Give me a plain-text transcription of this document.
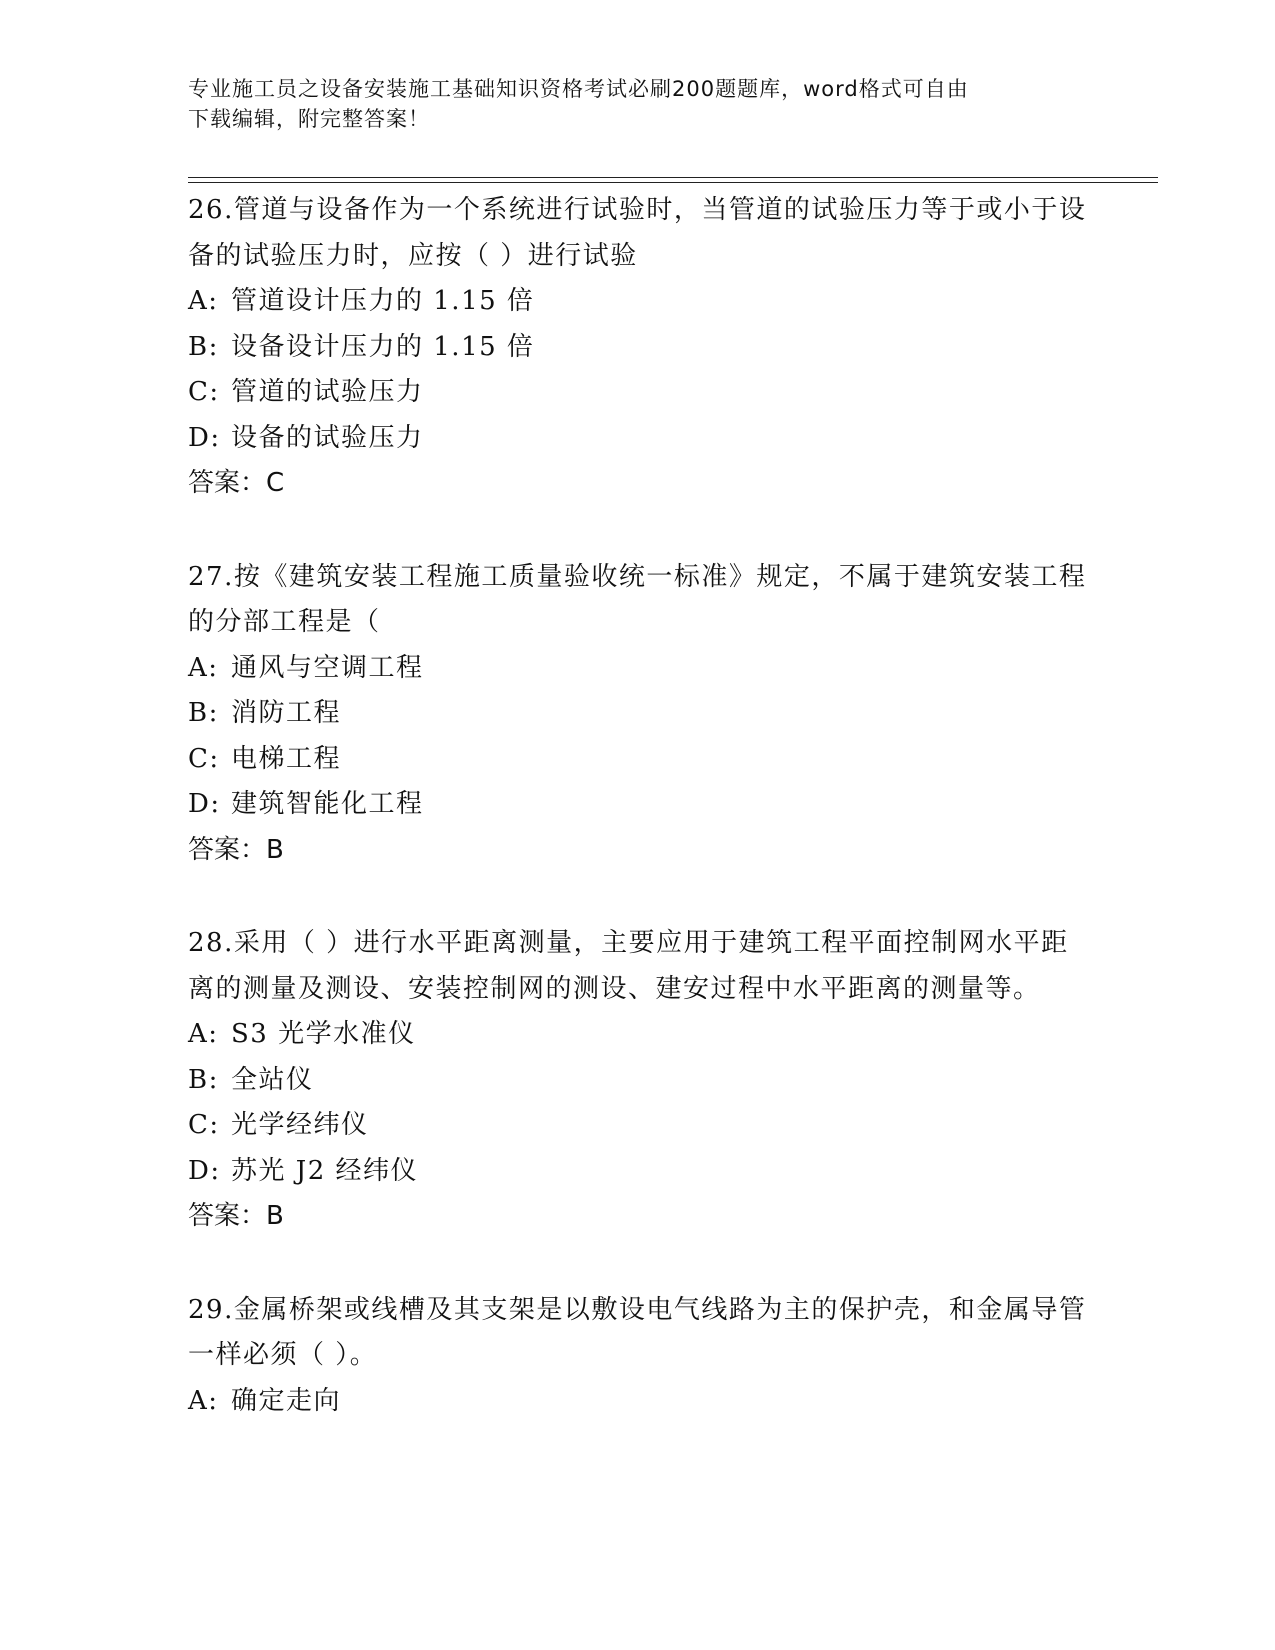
专业施工员之设备安装施工基础知识资格考试必刷200题题库，word格式可自由
下载编辑，附完整答案！

26.管道与设备作为一个系统进行试验时，当管道的试验压力等于或小于设备的试验压力时，应按（ ）进行试验

A: 管道设计压力的 1.15 倍

B: 设备设计压力的 1.15 倍

C: 管道的试验压力

D: 设备的试验压力

答案：C

27.按《建筑安装工程施工质量验收统一标准》规定，不属于建筑安装工程的分部工程是（

A: 通风与空调工程

B: 消防工程

C: 电梯工程

D: 建筑智能化工程

答案：B

28.采用（ ）进行水平距离测量，主要应用于建筑工程平面控制网水平距离的测量及测设、安装控制网的测设、建安过程中水平距离的测量等。

A: S3 光学水准仪

B: 全站仪

C: 光学经纬仪

D: 苏光 J2 经纬仪

答案：B

29.金属桥架或线槽及其支架是以敷设电气线路为主的保护壳，和金属导管一样必须（ ）。

A: 确定走向
